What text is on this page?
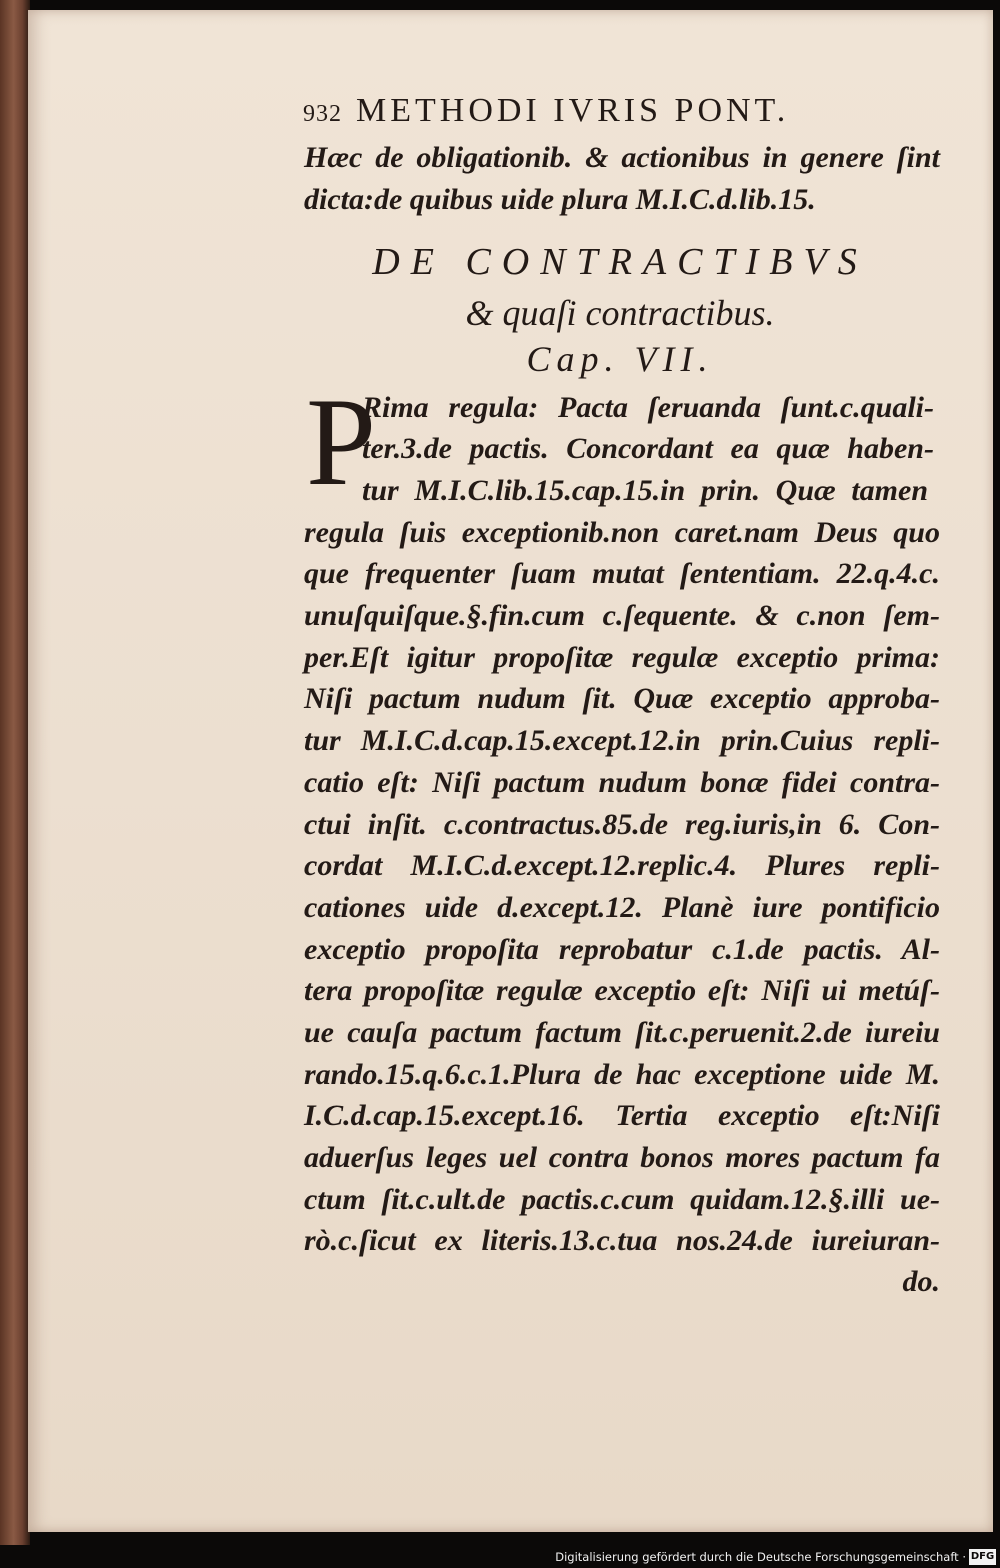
932 METHODI IVRIS PONT.
Hæc de obligationib. & actionibus in genere ſint
dicta:de quibus uide plura M.I.C.d.lib.15.
DE CONTRACTIBVS
& quaſi contractibus.
Cap. VII.
P
Rima regula: Pacta ſeruanda ſunt.c.quali-
ter.3.de pactis. Concordant ea quæ haben-
tur M.I.C.lib.15.cap.15.in prin. Quæ tamen
regula ſuis exceptionib.non caret.nam Deus quo
que frequenter ſuam mutat ſententiam. 22.q.4.c.
unuſquiſque.§.fin.cum c.ſequente. & c.non ſem-
per.Eſt igitur propoſitæ regulæ exceptio prima:
Niſi pactum nudum ſit. Quæ exceptio approba-
tur M.I.C.d.cap.15.except.12.in prin.Cuius repli-
catio eſt: Niſi pactum nudum bonæ fidei contra-
ctui inſit. c.contractus.85.de reg.iuris,in 6. Con-
cordat M.I.C.d.except.12.replic.4. Plures repli-
cationes uide d.except.12. Planè iure pontificio
exceptio propoſita reprobatur c.1.de pactis. Al-
tera propoſitæ regulæ exceptio eſt: Niſi ui metúſ-
ue cauſa pactum factum ſit.c.peruenit.2.de iureiu
rando.15.q.6.c.1.Plura de hac exceptione uide M.
I.C.d.cap.15.except.16. Tertia exceptio eſt:Niſi
aduerſus leges uel contra bonos mores pactum fa
ctum ſit.c.ult.de pactis.c.cum quidam.12.§.illi ue-
rò.c.ſicut ex literis.13.c.tua nos.24.de iureiuran-
do.
Digitalisierung gefördert durch die Deutsche Forschungsgemeinschaft · DFG
